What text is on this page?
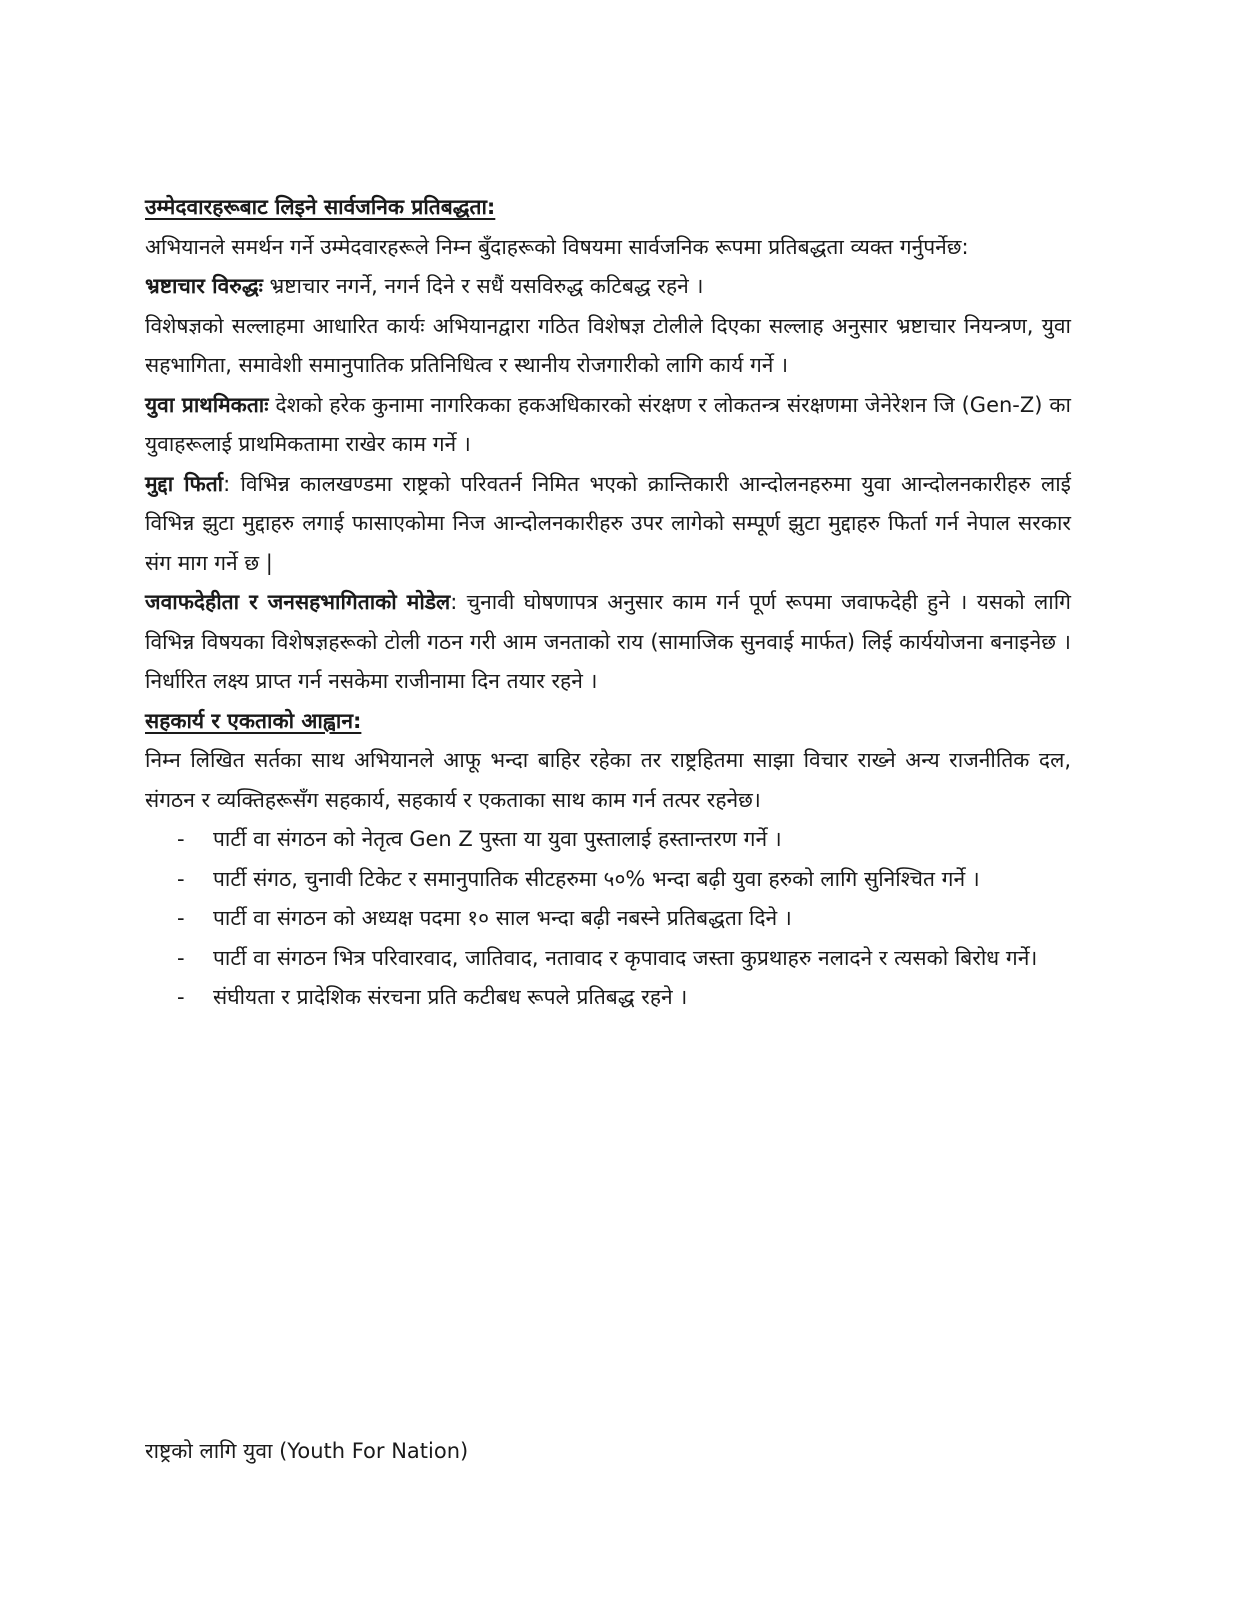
उम्मेदवारहरूबाट लिइने सार्वजनिक प्रतिबद्धता:

अभियानले समर्थन गर्ने उम्मेदवारहरूले निम्न बुँदाहरूको विषयमा सार्वजनिक रूपमा प्रतिबद्धता व्यक्त गर्नुपर्नेछ:

भ्रष्टाचार विरुद्धः भ्रष्टाचार नगर्ने, नगर्न दिने र सधैं यसविरुद्ध कटिबद्ध रहने ।

विशेषज्ञको सल्लाहमा आधारित कार्यः अभियानद्वारा गठित विशेषज्ञ टोलीले दिएका सल्लाह अनुसार भ्रष्टाचार नियन्त्रण, युवा सहभागिता, समावेशी समानुपातिक प्रतिनिधित्व र स्थानीय रोजगारीको लागि कार्य गर्ने ।

युवा प्राथमिकताः देशको हरेक कुनामा नागरिकका हकअधिकारको संरक्षण र लोकतन्त्र संरक्षणमा जेनेरेशन जि (Gen-Z) का युवाहरूलाई प्राथमिकतामा राखेर काम गर्ने ।

मुद्दा फिर्ता: विभिन्न कालखण्डमा राष्ट्रको परिवतर्न निमित भएको क्रान्तिकारी आन्दोलनहरुमा युवा आन्दोलनकारीहरु लाई विभिन्न झुटा मुद्दाहरु लगाई फासाएकोमा निज आन्दोलनकारीहरु उपर लागेको सम्पूर्ण झुटा मुद्दाहरु फिर्ता गर्न नेपाल सरकार संग माग गर्ने छ |

जवाफदेहीता र जनसहभागिताको मोडेल: चुनावी घोषणापत्र अनुसार काम गर्न पूर्ण रूपमा जवाफदेही हुने । यसको लागि विभिन्न विषयका विशेषज्ञहरूको टोली गठन गरी आम जनताको राय (सामाजिक सुनवाई मार्फत) लिई कार्ययोजना बनाइनेछ । निर्धारित लक्ष्य प्राप्त गर्न नसकेमा राजीनामा दिन तयार रहने ।

सहकार्य र एकताको आह्वान:

निम्न लिखित सर्तका साथ अभियानले आफू भन्दा बाहिर रहेका तर राष्ट्रहितमा साझा विचार राख्ने अन्य राजनीतिक दल, संगठन र व्यक्तिहरूसँग सहकार्य, सहकार्य र एकताका साथ काम गर्न तत्पर रहनेछ।

- पार्टी वा संगठन को नेतृत्व Gen Z पुस्ता या युवा पुस्तालाई हस्तान्तरण गर्ने ।
- पार्टी संगठ, चुनावी टिकेट र समानुपातिक सीटहरुमा ५०% भन्दा बढ़ी युवा हरुको लागि सुनिश्चित गर्ने ।
- पार्टी वा संगठन को अध्यक्ष पदमा १० साल भन्दा बढ़ी नबस्ने प्रतिबद्धता दिने ।
- पार्टी वा संगठन भित्र परिवारवाद, जातिवाद, नतावाद र कृपावाद जस्ता कुप्रथाहरु नलादने र त्यसको बिरोध गर्ने।
- संघीयता र प्रादेशिक संरचना प्रति कटीबध रूपले प्रतिबद्ध रहने ।
राष्ट्रको लागि युवा (Youth For Nation)
